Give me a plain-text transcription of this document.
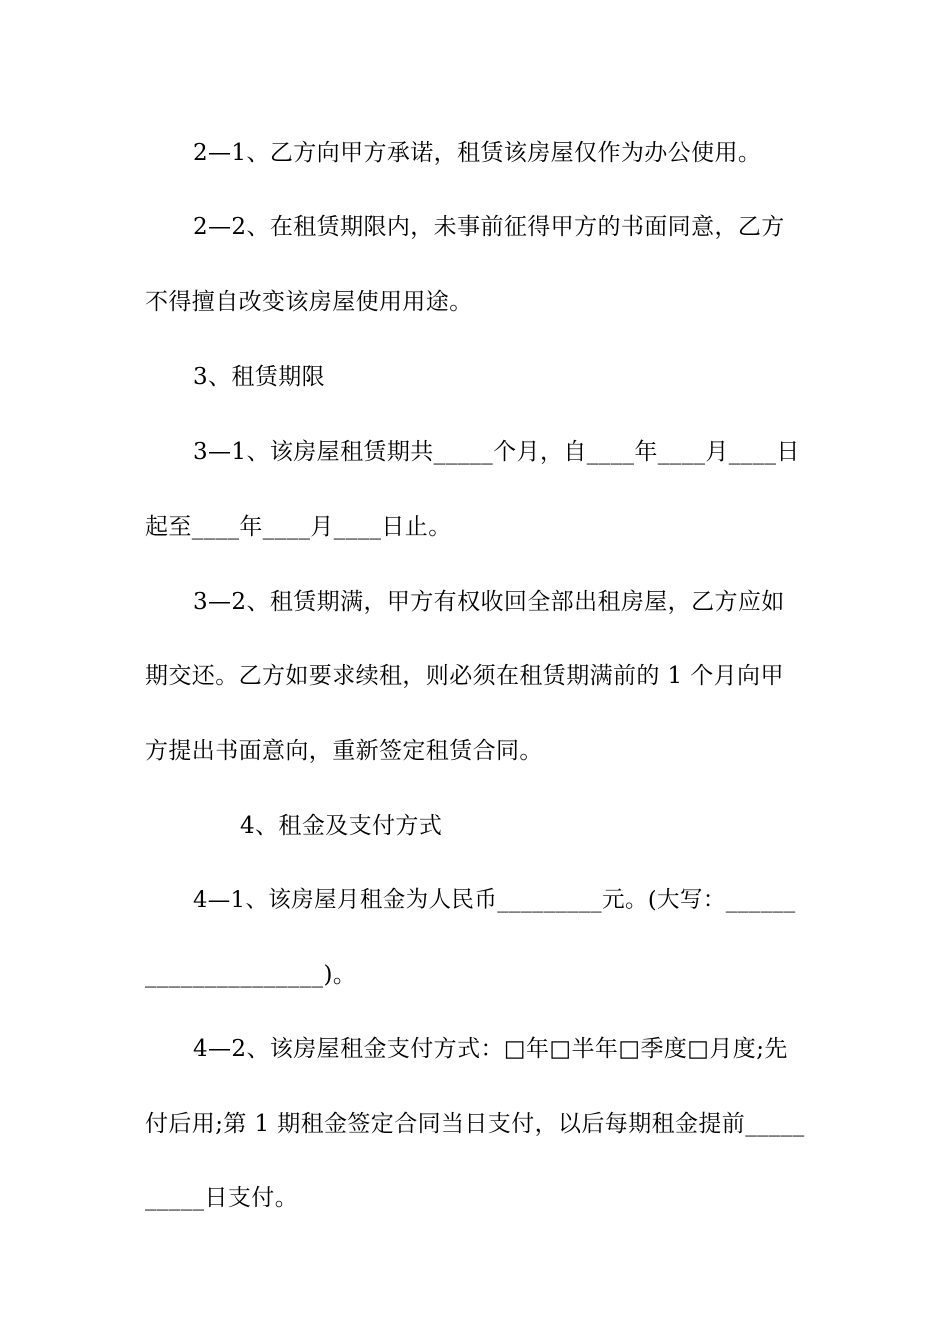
2—1、乙方向甲方承诺，租赁该房屋仅作为办公使用。
2—2、在租赁期限内，未事前征得甲方的书面同意，乙方
不得擅自改变该房屋使用用途。
3、租赁期限
3—1、该房屋租赁期共_____个月，自____年____月____日
起至____年____月____日止。
3—2、租赁期满，甲方有权收回全部出租房屋，乙方应如
期交还。乙方如要求续租，则必须在租赁期满前的 1 个月向甲
方提出书面意向，重新签定租赁合同。
4、租金及支付方式
4—1、该房屋月租金为人民币_________元。(大写：______
_______________)。
4—2、该房屋租金支付方式：□年□半年□季度□月度;先
付后用;第 1 期租金签定合同当日支付，以后每期租金提前_____
_____日支付。
